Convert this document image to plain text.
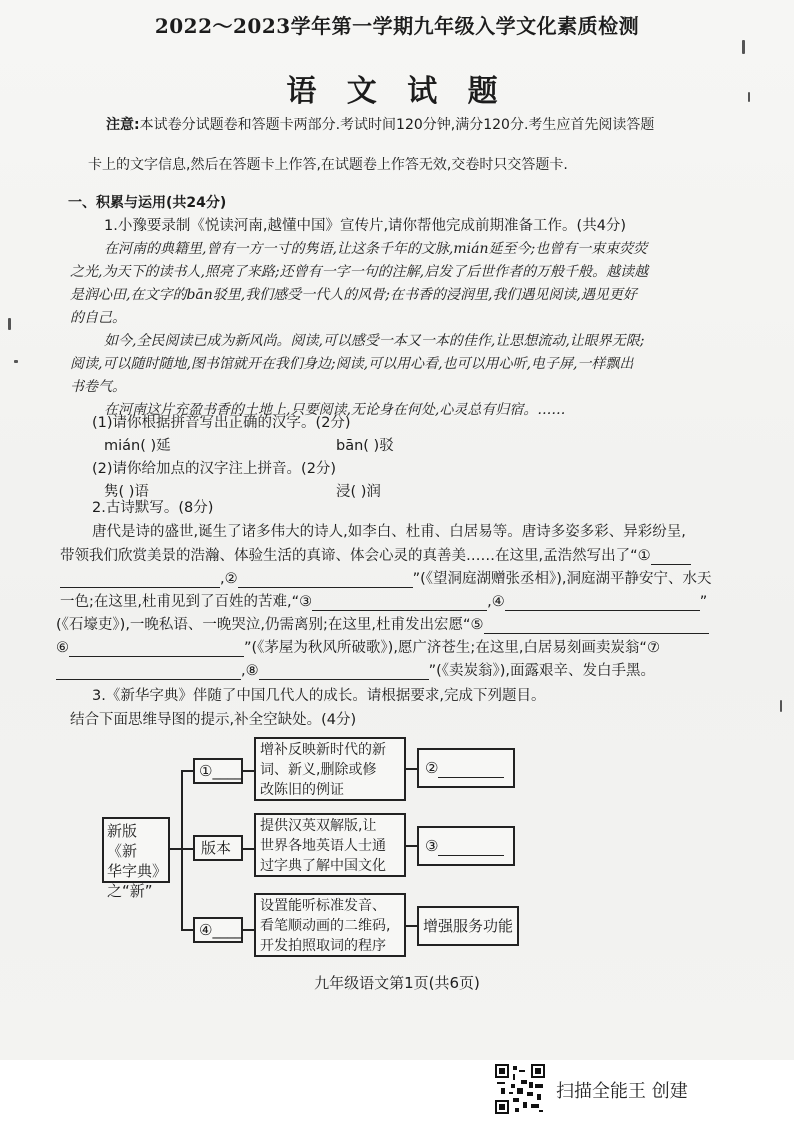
2022～2023学年第一学期九年级入学文化素质检测
语 文 试 题
注意:本试卷分试题卷和答题卡两部分.考试时间120分钟,满分120分.考生应首先阅读答题
卡上的文字信息,然后在答题卡上作答,在试题卷上作答无效,交卷时只交答题卡.
一、积累与运用(共24分)
1.小豫要录制《悦读河南,越懂中国》宣传片,请你帮他完成前期准备工作。(共4分)
在河南的典籍里,曾有一方一寸的隽语,让这条千年的文脉,mián延至今;也曾有一束束荧荧
之光,为天下的读书人,照亮了来路;还曾有一字一句的注解,启发了后世作者的万般千般。越读越
是润心田,在文字的bān驳里,我们感受一代人的风骨;在书香的浸润里,我们遇见阅读,遇见更好
的自己。
如今,全民阅读已成为新风尚。阅读,可以感受一本又一本的佳作,让思想流动,让眼界无限;
阅读,可以随时随地,图书馆就开在我们身边;阅读,可以用心看,也可以用心听,电子屏,一样飘出
书卷气。
在河南这片充盈书香的土地上,只要阅读,无论身在何处,心灵总有归宿。……
(1)请你根据拼音写出正确的汉字。(2分)
mián( )延	bān( )驳
(2)请你给加点的汉字注上拼音。(2分)
隽( )语	浸( )润
2.古诗默写。(8分)
唐代是诗的盛世,诞生了诸多伟大的诗人,如李白、杜甫、白居易等。唐诗多姿多彩、异彩纷呈,
带领我们欣赏美景的浩瀚、体验生活的真谛、体会心灵的真善美……在这里,孟浩然写出了“①
,②	”(《望洞庭湖赠张丞相》),洞庭湖平静安宁、水天
一色;在这里,杜甫见到了百姓的苦难,“③	,④	”
(《石壕吏》),一晚私语、一晚哭泣,仍需离别;在这里,杜甫发出宏愿“⑤
⑥	”(《茅屋为秋风所破歌》),愿广济苍生;在这里,白居易刻画卖炭翁“⑦
,⑧	”(《卖炭翁》),面露艰辛、发白手黑。
3.《新华字典》伴随了中国几代人的成长。请根据要求,完成下列题目。
结合下面思维导图的提示,补全空缺处。(4分)
新版《新
华字典》
之“新”
①____
版本
④____
增补反映新时代的新
词、新义,删除或修
改陈旧的例证
提供汉英双解版,让
世界各地英语人士通
过字典了解中国文化
设置能听标准发音、
看笔顺动画的二维码,
开发拍照取词的程序
②
③
增强服务功能
九年级语文第1页(共6页)
扫描全能王 创建
